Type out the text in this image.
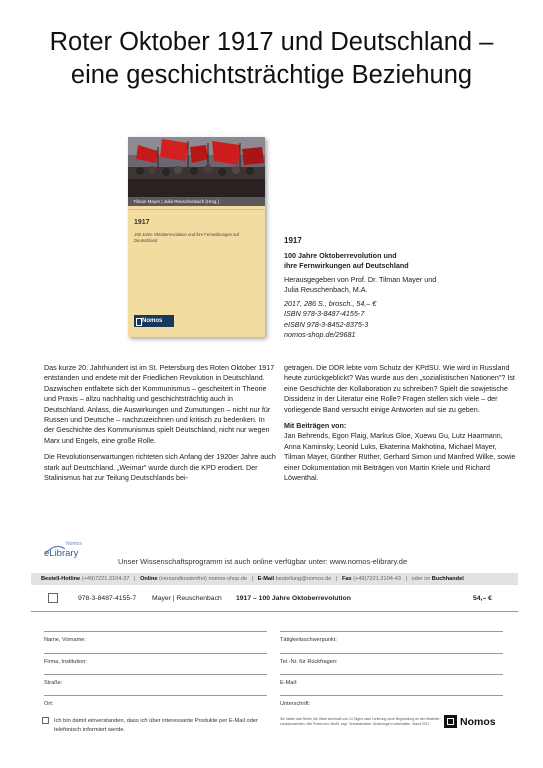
Roter Oktober 1917 und Deutschland –
eine geschichtsträchtige Beziehung
Tilman Mayer | Julia Reuschenbach [Hrsg.]
1917
100 Jahre Oktoberrevolution und ihre Fernwirkungen auf Deutschland
Nomos
1917
100 Jahre Oktoberrevolution und
ihre Fernwirkungen auf Deutschland
Herausgegeben von Prof. Dr. Tilman Mayer und
Julia Reuschenbach, M.A.
2017, 286 S., brosch., 54,– €
ISBN 978-3-8487-4155-7
eISBN 978-3-8452-8375-3
nomos-shop.de/29681

Das kurze 20. Jahrhundert ist im St. Petersburg des Roten Oktober 1917 entstanden und endete mit der Friedlichen Revolution in Deutschland. Dazwischen entfaltete sich der Kommunismus – gescheitert in Theorie und Praxis – allzu nachhaltig und geschichtsträchtig auch in Deutschland. Anlass, die Auswirkungen und Zumutungen – nicht nur für Russen und Deutsche – nachzuzeichnen und kritisch zu bedenken. In der Geschichte des Kommunismus spielt Deutschland, nicht nur wegen Marx und Engels, eine große Rolle.

Die Revolutionserwartungen richteten sich Anfang der 1920er Jahre auch stark auf Deutschland. „Weimar" wurde durch die KPD erodiert. Der Stalinismus hat zur Teilung Deutschlands bei-

getragen. Die DDR lebte vom Schutz der KPdSU. Wie wird in Russland heute zurückgeblickt? Was wurde aus den „sozialistischen Nationen"? Ist eine Geschichte der Kollaboration zu schreiben? Spielt die sowjetische Dissidenz in der Literatur eine Rolle? Fragen stellen sich viele – der vorliegende Band versucht einige Antworten auf sie zu geben.

Mit Beiträgen von:

Jan Behrends, Egon Flaig, Markus Gloe, Xuewu Gu, Lutz Haarmann, Anna Kaminsky, Leonid Luks, Ekaterina Makhotina, Michael Mayer, Tilman Mayer, Günther Rüther, Gerhard Simon und Manfred Wilke, sowie einer Dokumentation mit Beiträgen von Martin Kriele und Richard Löwenthal.

Nomos
eLibrary
Unser Wissenschaftsprogramm ist auch online verfügbar unter: www.nomos-elibrary.de
Bestell-Hotline (+49)7221.2104-37 | Online (versandkostenfrei) nomos-shop.de | E-Mail bestellung@nomos.de | Fax (+49)7221.2104-43 | oder im Buchhandel
978-3-8487-4155-7 Mayer | Reuschenbach 1917 – 100 Jahre Oktoberrevolution	54,– €
Name, Vorname:
Firma, Institution:
Straße:
Ort:
Tätigkeitsschwerpunkt:
Tel.-Nr. für Rückfragen:
E-Mail:
Unterschrift:
Ich bin damit einverstanden, dass ich über interessante Produkte per E-Mail oder telefonisch informiert werde.
Sie haben das Recht, die Ware innerhalb von 14 Tagen nach Lieferung ohne Begründung an den Besteller zurückzusenden. Alle Preise inkl. MwSt. zzgl. Versandkosten. Änderungen vorbehalten. Stand 2017.	Nomos
